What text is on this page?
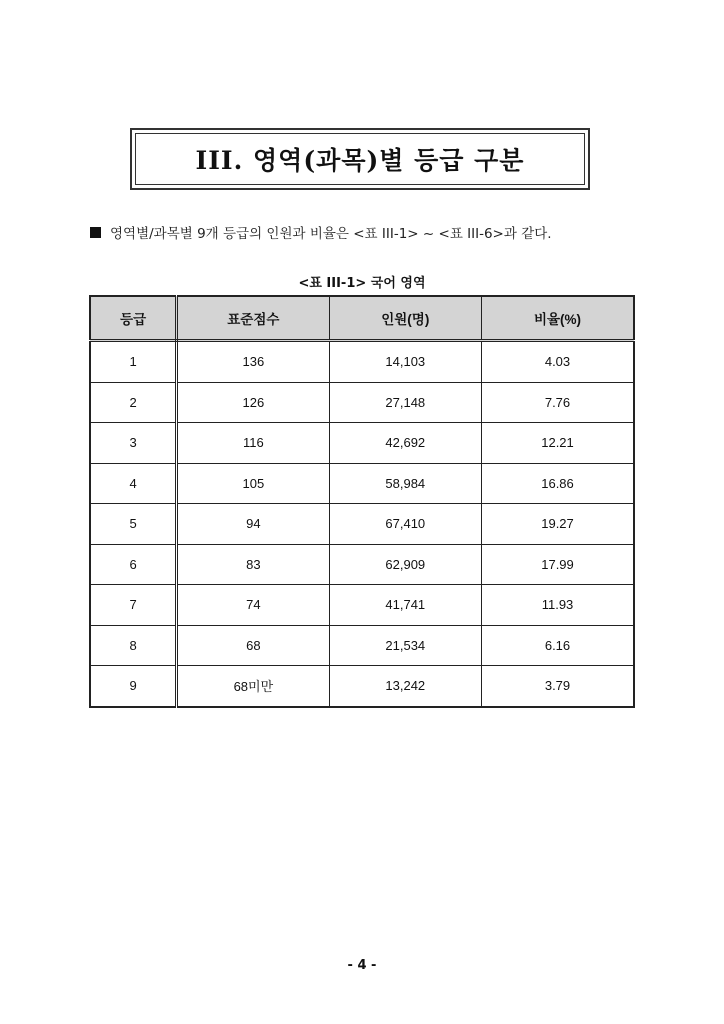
III. 영역(과목)별 등급 구분
영역별/과목별 9개 등급의 인원과 비율은 <표 III-1> ~ <표 III-6>과 같다.
<표 III-1> 국어 영역
등급	표준점수	인원(명)	비율(%)
1	136	14,103	4.03
2	126	27,148	7.76
3	116	42,692	12.21
4	105	58,984	16.86
5	94	67,410	19.27
6	83	62,909	17.99
7	74	41,741	11.93
8	68	21,534	6.16
9	68미만	13,242	3.79
- 4 -
